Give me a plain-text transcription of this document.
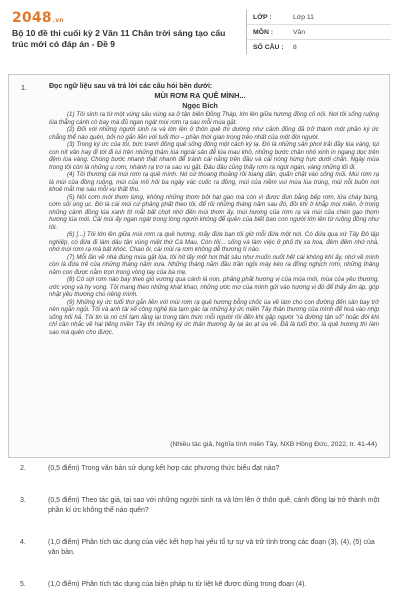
2048.vn
Bộ 10 đề thi cuối kỳ 2 Văn 11 Chân trời sáng tạo cấu trúc mới có đáp án - Đề 9
LỚP :	Lớp 11
MÔN :	Văn
SỐ CÂU :	8
1.	Đọc ngữ liệu sau và trả lời các câu hỏi bên dưới:
MÙI RƠM RẠ QUÊ MÌNH...
Ngọc Bích

(1) Tôi sinh ra từ một vùng sâu vùng xa ở tận biên Đồng Tháp, lớn lên giữa hương đồng cỏ nội. Nơi tôi sống ruộng lúa thẳng cánh cò bay mà đủ ngan ngát mùi rơm rạ sau mỗi mùa gặt.

(2) Đối với những người sinh ra và lớn lên ở thôn quê thì dường như cảnh đồng đã trở thành một phần ký ức chẳng thể nào quên, bởi nó gắn liền với tuổi thơ – phần thời gian trong trẻo nhất của một đời người.

(3) Trong ký ức của tôi, bức tranh đồng quê sống động một cách kỳ lạ. Đó là những sân phơi trải đầy lúa vàng, tụi con nít vân hay đi tới đi lui trên những thảm lúa ngoài sân để lúa mau khô, những bước chân nhỏ xinh in ngang dọc trên đệm lúa vàng. Chúng bước nhanh thật nhanh để tránh cái nắng trên đầu và cái nóng hừng hực dưới chân. Ngày mùa trong tôi còn là những ụ rơm, nhánh rạ trơ ra sau vụ gặt. Đâu đâu cũng thấy rơm rạ ngút ngàn, vàng những lối đi.

(4) Tôi thương cái mùi rơm rạ quê mình. Nó cứ thoang thoảng rồi loang dần, quấn chặt vào sống mũi. Mùi rơm rạ là mùi của đồng ruộng, mùi của mồ hôi ba ngày vác cuốc ra đồng, mùi của niềm vui mùa lúa trúng, mùi nỗi buồn nơi khoé mắt mẹ sau mỗi vụ thất thu.

(5) Nôi cơm mới thơm lừng, không những thơm bởi hạt gạo mà còn vì được đun bằng bếp rơm, lửa cháy bùng, cơm sôi ùng ục. Đó là cái mùi cứ phảng phất theo tôi, để rồi những tháng năm sau đó, đôi khi ở khắp mọi miền, ở trong những cánh đồng lúa xanh tít mắt bất chợt nhớ đến mùi thơm ấy, mùi hương của rơm rạ và mùi của chén gạo thơm hương lúa mới. Cái mùi ấy ngan ngát trong lòng người không để quên của biết bao con người lớn lên từ ruộng đồng như tôi.

(6) [...] Tôi lớn lên giữa mùi rơm rạ quê hương, mấy đứa bạn tôi giờ mỗi đứa một nơi. Có đứa qua xứ Tây Đô lập nghiệp, có đứa đi làm dâu tận vùng miệt thứ Cà Mau. Còn tôi... sống và làm việc ở phố thị xa hoa, đêm đêm nhớ nhà, nhớ mùi rơm rạ mà bật khóc. Chao ôi, cái mùi rạ rơm không dễ thương tí nào.

(7) Mỗi lần về nhà đúng mùa gặt lúa, tôi hít lấy một hơi thật sâu như muốn nuốt hết cái không khí ấy, nhớ về mình còn là đứa trẻ của những tháng năm xưa. Những tháng năm đầu trần ngồi máy kéo ra đồng nghịch rơm, những tháng năm con được nằm trọn trong vòng tay của ba mẹ.

(8) Có sợi rơm nào bay theo gió vương qua cánh lá non, phảng phất hương vị của mùa mới, mùa của yêu thương, ước vọng và hy vọng. Tôi mang theo những khát khao, những ước mơ của mình gửi vào hương vị đó để thấy ấm áp, góp nhặt yêu thương cho riêng mình.

(9) Những ký ức tuổi thơ gắn liền với mùi rơm rạ quê hương bỗng chốc ùa về làm cho con đường đến sân bay trở nên ngắn ngủi. Tôi và anh tài xế công nghệ kia tạm gác lại những ký ức miền Tây thân thương của mình để hoà vào nhịp sống hối hả. Tôi tin là nó chỉ tạm lắng lại trong tâm thức mỗi người rồi đến khi gặp người "rà đường tận số" hoặc đôi khi chỉ cần nhắc về hai tiếng miền Tây thì những ký ức thân thương ấy lại ào ạt ùa về. Đã là tuổi thơ, là quê hương thì làm sao mà quên cho được.

(Nhiều tác giả, Nghĩa tình miền Tây, NXB Hồng Đức, 2022, tr. 41-44)
2.	(0,5 điểm) Trong văn bản sử dụng kết hợp các phương thức biểu đạt nào?
3.	(0,5 điểm) Theo tác giả, tại sao với những người sinh ra và lớn lên ở thôn quê, cánh đồng lại trở thành một phần kí ức không thể nào quên?
4.	(1,0 điểm) Phân tích tác dụng của việc kết hợp hai yếu tố tự sự và trữ tình trong các đoạn (3), (4), (5) của văn bản.
5.	(1,0 điểm) Phân tích tác dụng của biện pháp tu từ liệt kê được dùng trong đoạn (4).
